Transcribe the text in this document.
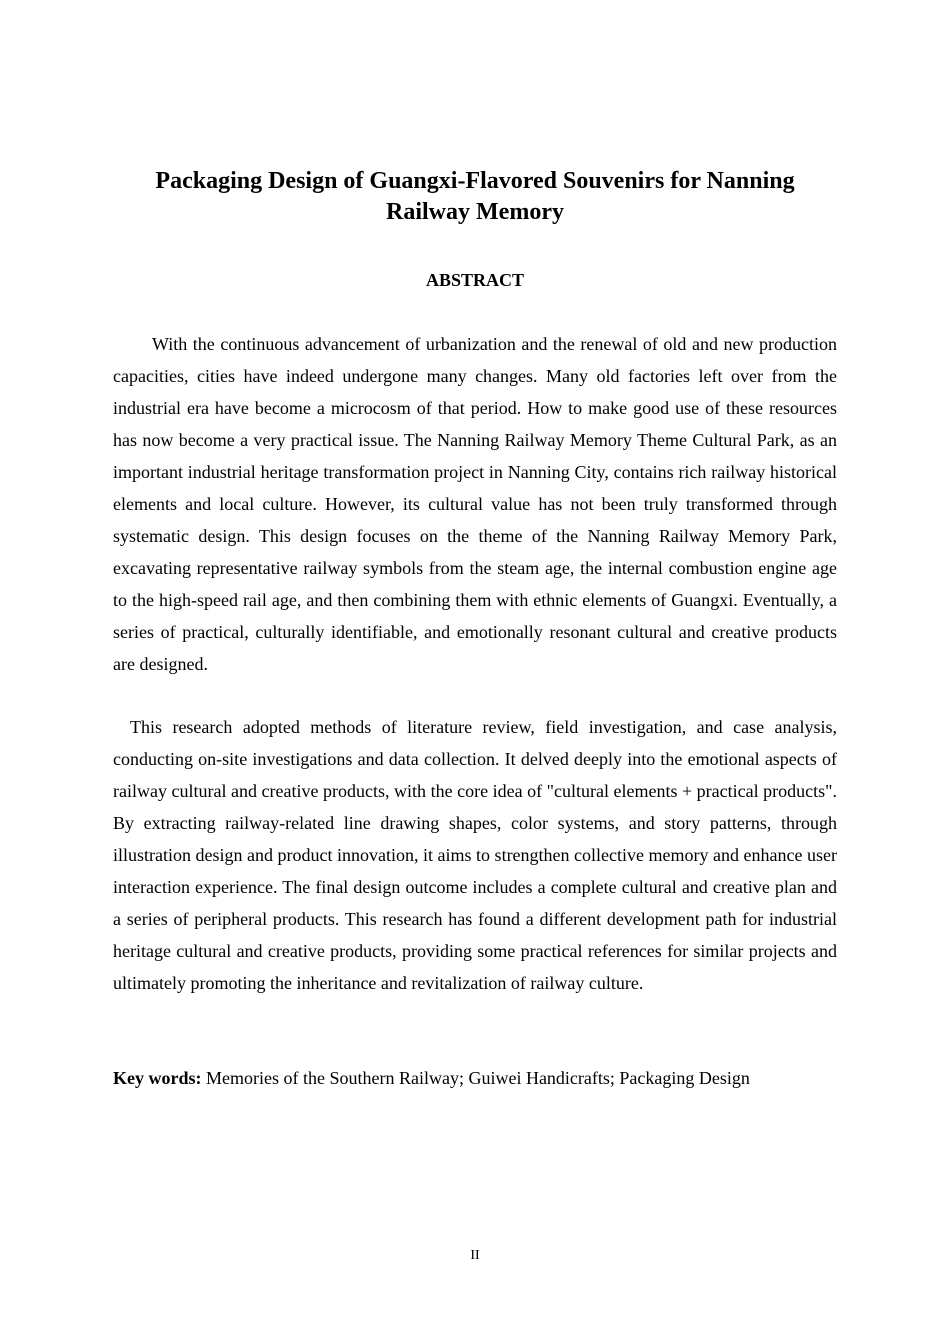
Packaging Design of Guangxi-Flavored Souvenirs for Nanning Railway Memory
ABSTRACT

With the continuous advancement of urbanization and the renewal of old and new production capacities, cities have indeed undergone many changes. Many old factories left over from the industrial era have become a microcosm of that period. How to make good use of these resources has now become a very practical issue. The Nanning Railway Memory Theme Cultural Park, as an important industrial heritage transformation project in Nanning City, contains rich railway historical elements and local culture. However, its cultural value has not been truly transformed through systematic design. This design focuses on the theme of the Nanning Railway Memory Park, excavating representative railway symbols from the steam age, the internal combustion engine age to the high-speed rail age, and then combining them with ethnic elements of Guangxi. Eventually, a series of practical, culturally identifiable, and emotionally resonant cultural and creative products are designed.

This research adopted methods of literature review, field investigation, and case analysis, conducting on-site investigations and data collection. It delved deeply into the emotional aspects of railway cultural and creative products, with the core idea of "cultural elements + practical products". By extracting railway-related line drawing shapes, color systems, and story patterns, through illustration design and product innovation, it aims to strengthen collective memory and enhance user interaction experience. The final design outcome includes a complete cultural and creative plan and a series of peripheral products. This research has found a different development path for industrial heritage cultural and creative products, providing some practical references for similar projects and ultimately promoting the inheritance and revitalization of railway culture.

Key words: Memories of the Southern Railway; Guiwei Handicrafts; Packaging Design

II
